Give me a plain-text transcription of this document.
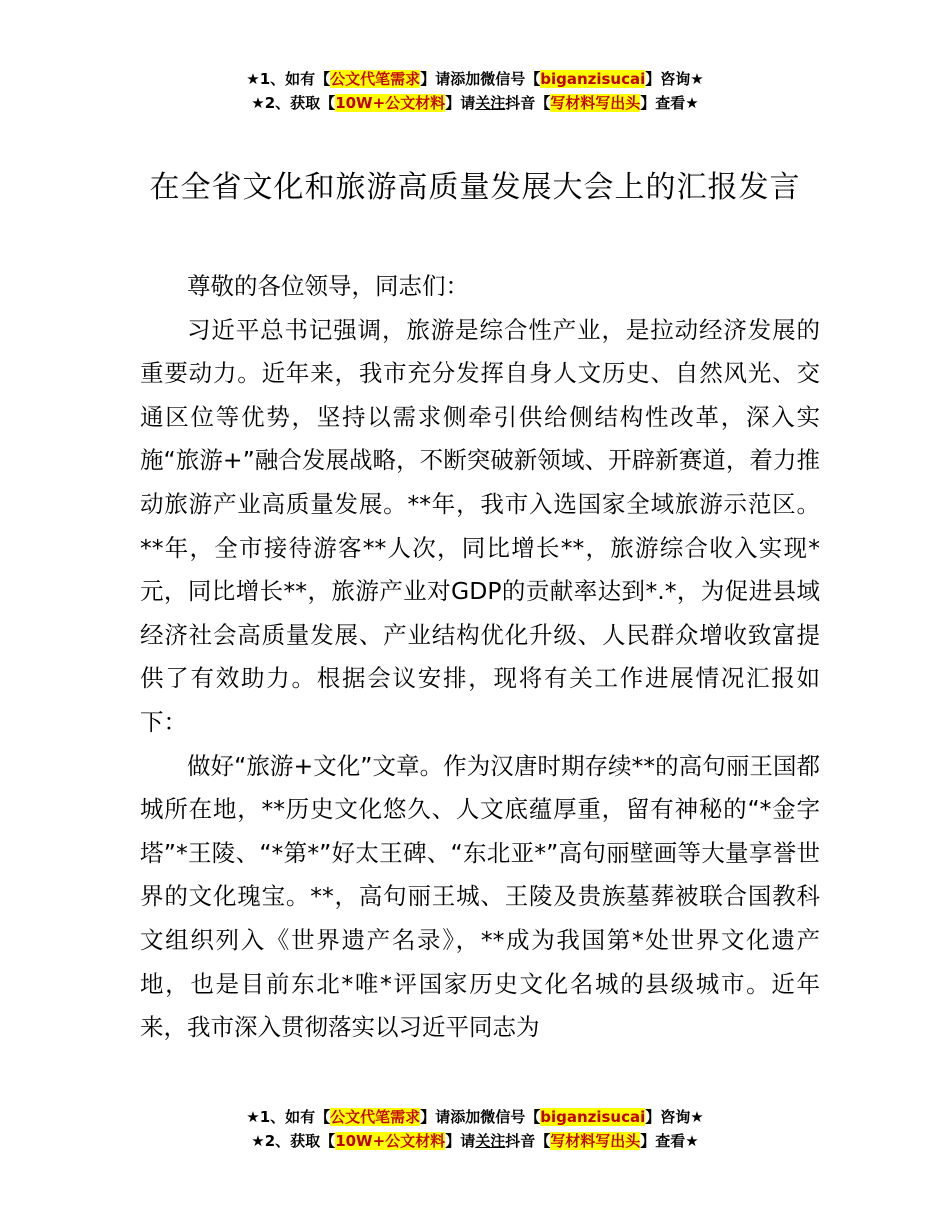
★1、如有【公文代笔需求】请添加微信号【biganzisucai】咨询★
★2、获取【10W+公文材料】请关注抖音【写材料写出头】查看★
在全省文化和旅游高质量发展大会上的汇报发言

尊敬的各位领导，同志们：

习近平总书记强调，旅游是综合性产业，是拉动经济发展的重要动力。近年来，我市充分发挥自身人文历史、自然风光、交通区位等优势，坚持以需求侧牵引供给侧结构性改革，深入实施“旅游+”融合发展战略，不断突破新领域、开辟新赛道，着力推动旅游产业高质量发展。**年，我市入选国家全域旅游示范区。**年，全市接待游客**人次，同比增长**，旅游综合收入实现*元，同比增长**，旅游产业对GDP的贡献率达到*.*，为促进县域经济社会高质量发展、产业结构优化升级、人民群众增收致富提供了有效助力。根据会议安排，现将有关工作进展情况汇报如下：

做好“旅游+文化”文章。作为汉唐时期存续**的高句丽王国都城所在地，**历史文化悠久、人文底蕴厚重，留有神秘的“*金字塔”*王陵、“*第*”好太王碑、“东北亚*”高句丽壁画等大量享誉世界的文化瑰宝。**，高句丽王城、王陵及贵族墓葬被联合国教科文组织列入《世界遗产名录》，**成为我国第*处世界文化遗产地，也是目前东北*唯*评国家历史文化名城的县级城市。近年来，我市深入贯彻落实以习近平同志为

★1、如有【公文代笔需求】请添加微信号【biganzisucai】咨询★
★2、获取【10W+公文材料】请关注抖音【写材料写出头】查看★
